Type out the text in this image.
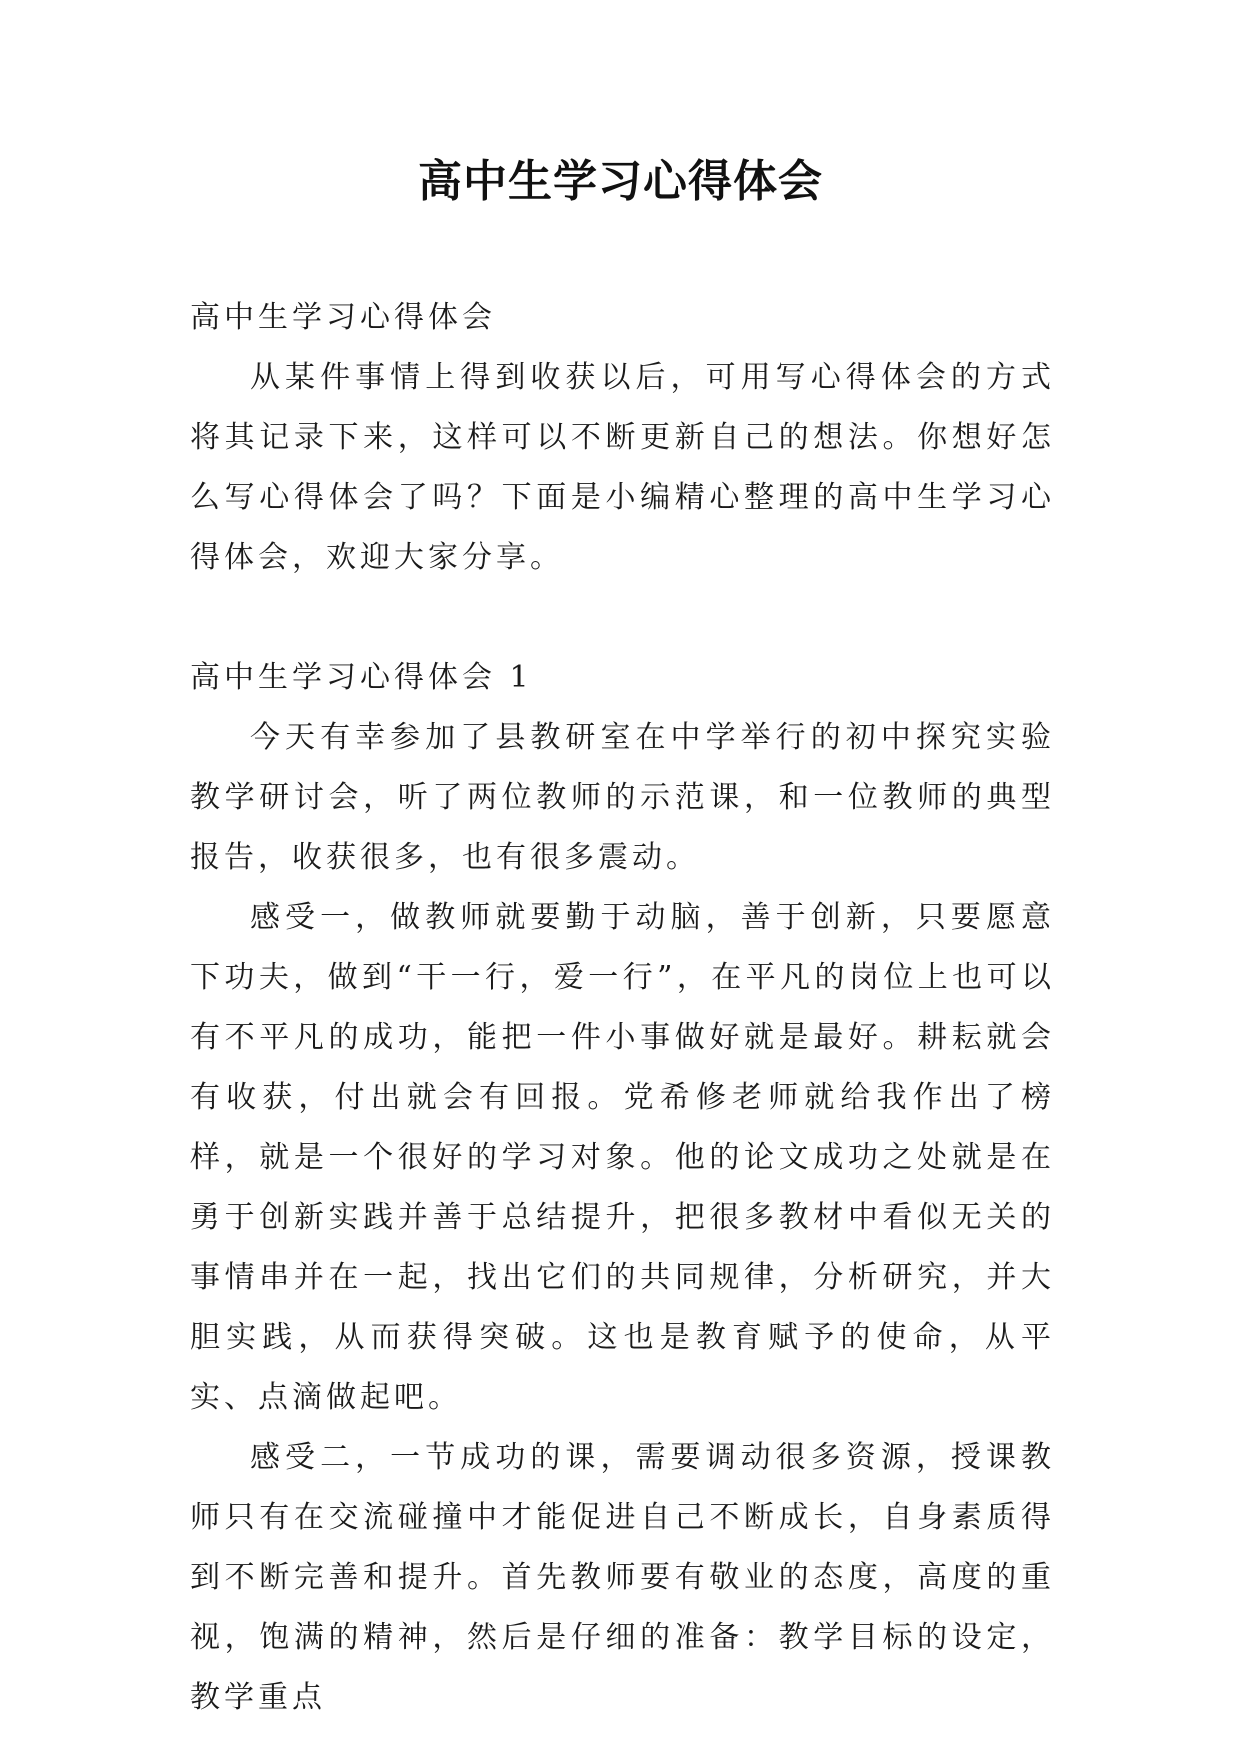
高中生学习心得体会

高中生学习心得体会

从某件事情上得到收获以后，可用写心得体会的方式将其记录下来，这样可以不断更新自己的想法。你想好怎么写心得体会了吗？下面是小编精心整理的高中生学习心得体会，欢迎大家分享。

高中生学习心得体会 1

今天有幸参加了县教研室在中学举行的初中探究实验教学研讨会，听了两位教师的示范课，和一位教师的典型报告，收获很多，也有很多震动。

感受一，做教师就要勤于动脑，善于创新，只要愿意下功夫，做到“干一行，爱一行”，在平凡的岗位上也可以有不平凡的成功，能把一件小事做好就是最好。耕耘就会有收获，付出就会有回报。党希修老师就给我作出了榜样，就是一个很好的学习对象。他的论文成功之处就是在勇于创新实践并善于总结提升，把很多教材中看似无关的事情串并在一起，找出它们的共同规律，分析研究，并大胆实践，从而获得突破。这也是教育赋予的使命，从平实、点滴做起吧。

感受二，一节成功的课，需要调动很多资源，授课教师只有在交流碰撞中才能促进自己不断成长，自身素质得到不断完善和提升。首先教师要有敬业的态度，高度的重视，饱满的精神，然后是仔细的准备：教学目标的设定，教学重点
